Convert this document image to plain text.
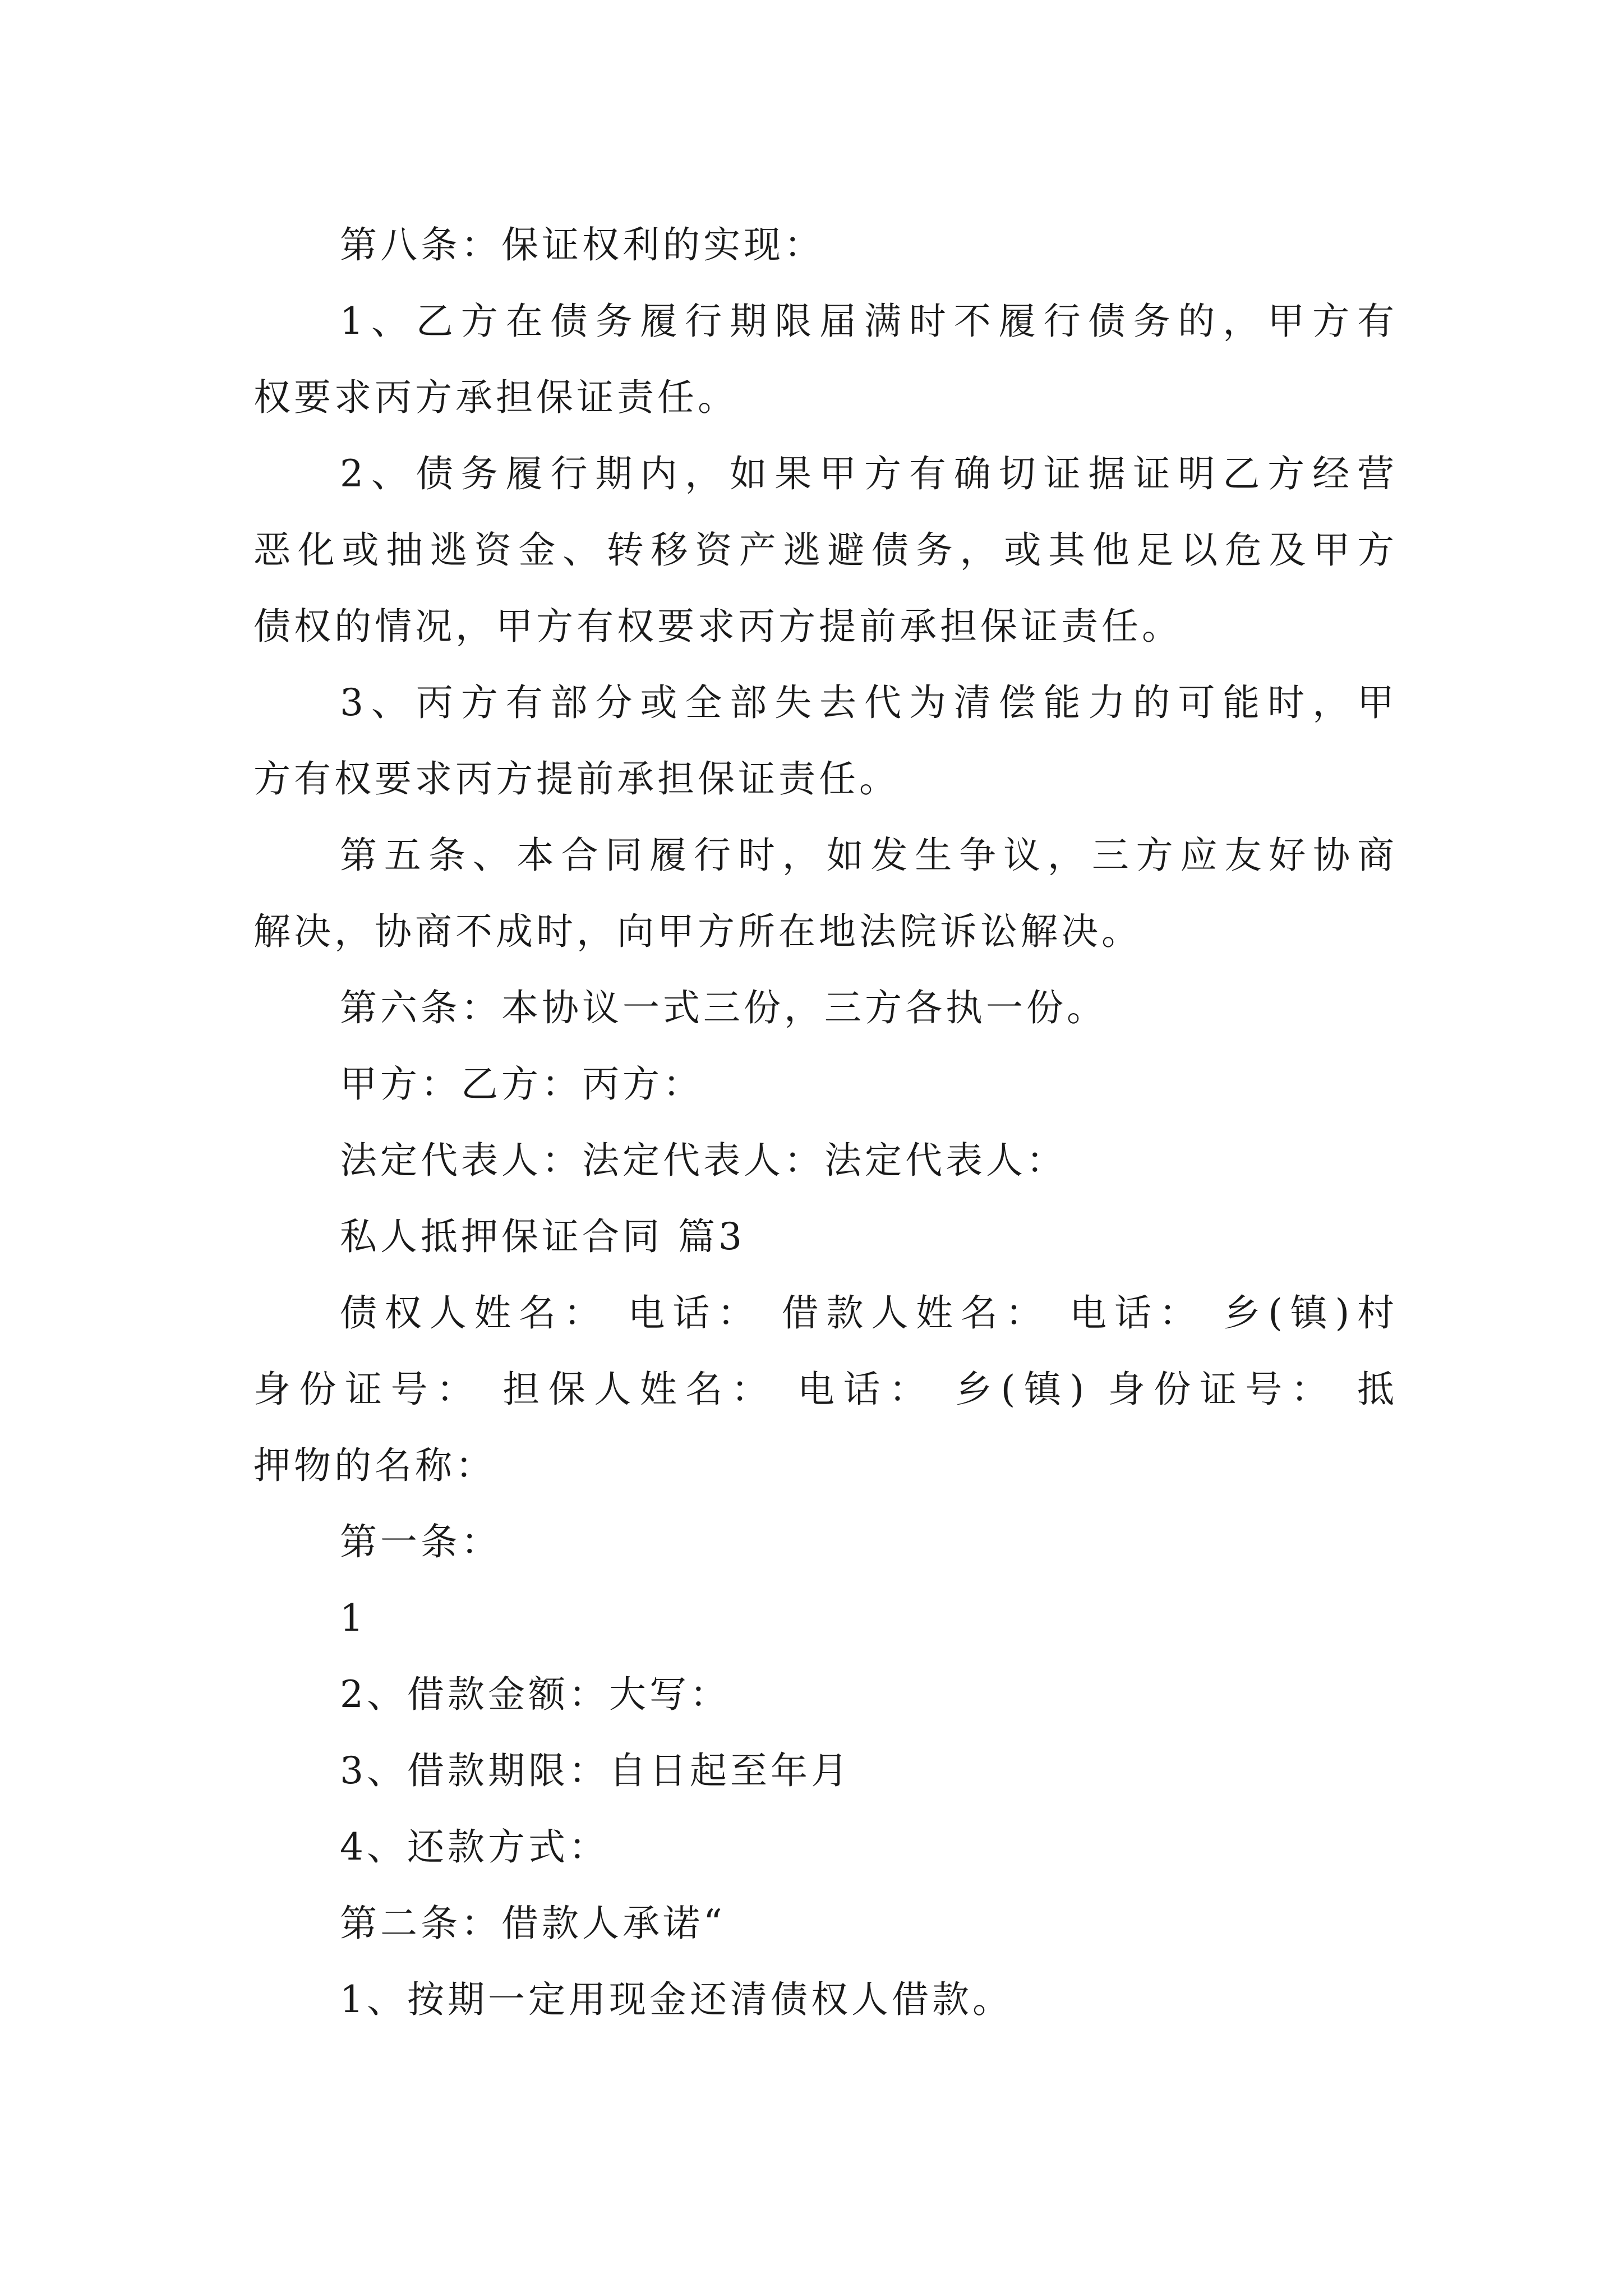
第八条：保证权利的实现：
1、乙方在债务履行期限届满时不履行债务的，甲方有
权要求丙方承担保证责任。
2、债务履行期内，如果甲方有确切证据证明乙方经营
恶化或抽逃资金、转移资产逃避债务，或其他足以危及甲方
债权的情况，甲方有权要求丙方提前承担保证责任。
3、丙方有部分或全部失去代为清偿能力的可能时，甲
方有权要求丙方提前承担保证责任。
第五条、本合同履行时，如发生争议，三方应友好协商
解决，协商不成时，向甲方所在地法院诉讼解决。
第六条：本协议一式三份，三方各执一份。
甲方：乙方：丙方：
法定代表人：法定代表人：法定代表人：
私人抵押保证合同 篇3
债权人姓名： 电话： 借款人姓名： 电话： 乡(镇)村
身份证号： 担保人姓名： 电话： 乡(镇) 身份证号： 抵
押物的名称：
第一条：
1
2、借款金额：大写：
3、借款期限：自日起至年月
4、还款方式：
第二条：借款人承诺“
1、按期一定用现金还清债权人借款。
